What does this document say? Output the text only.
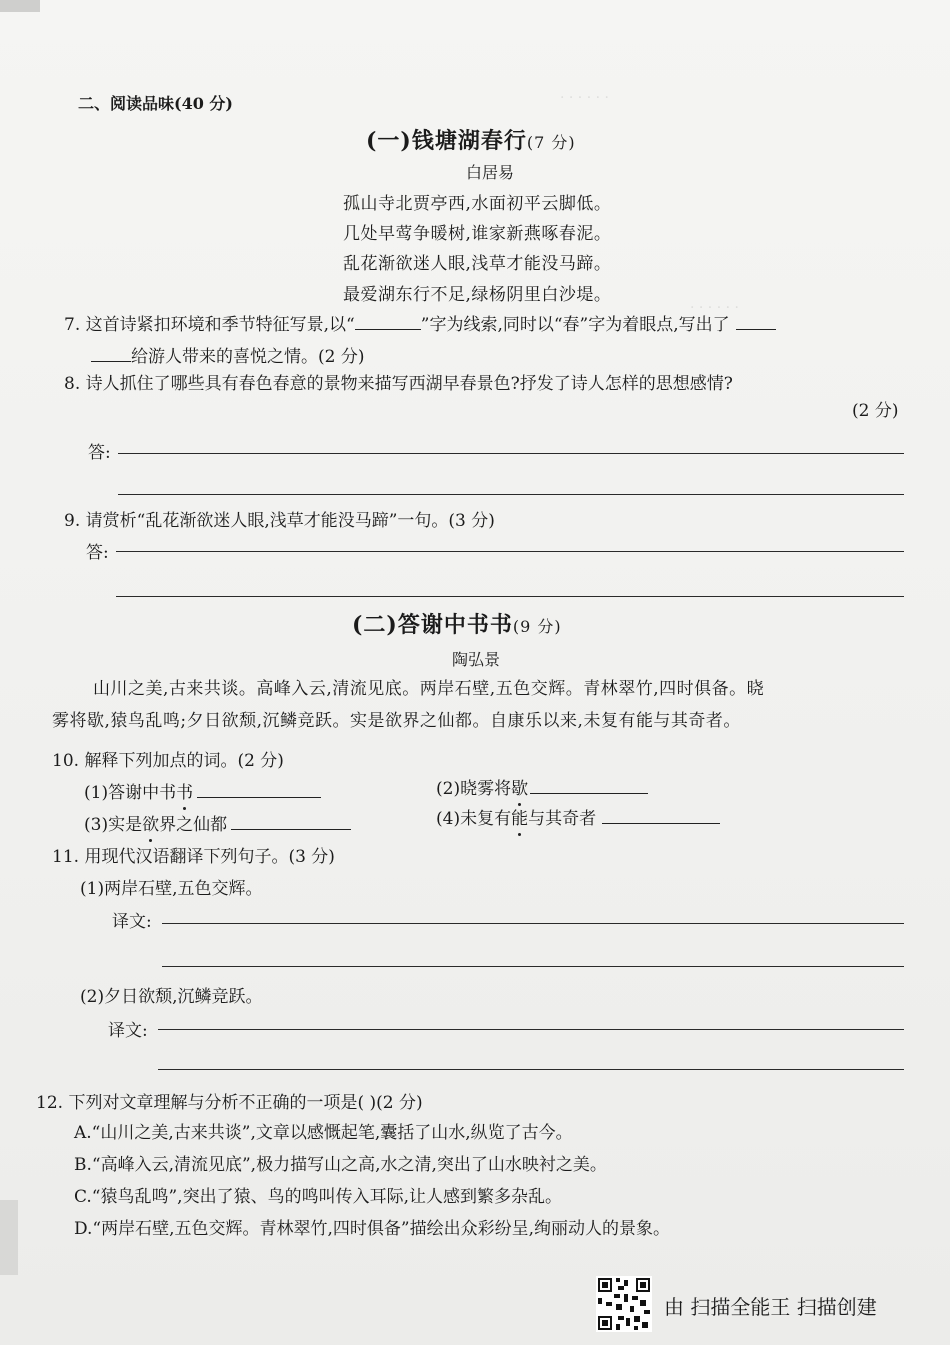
· · · · · ·
· · · · · ·
二、阅读品味(40 分)
(一)钱塘湖春行(7 分)
白居易
孤山寺北贾亭西,水面初平云脚低。
几处早莺争暖树,谁家新燕啄春泥。
乱花渐欲迷人眼,浅草才能没马蹄。
最爱湖东行不足,绿杨阴里白沙堤。
7. 这首诗紧扣环境和季节特征写景,以“	”字为线索,同时以“春”字为着眼点,写出了
给游人带来的喜悦之情。(2 分)
8. 诗人抓住了哪些具有春色春意的景物来描写西湖早春景色?抒发了诗人怎样的思想感情?
(2 分)
答:
9. 请赏析“乱花渐欲迷人眼,浅草才能没马蹄”一句。(3 分)
答:
(二)答谢中书书(9 分)
陶弘景
山川之美,古来共谈。高峰入云,清流见底。两岸石壁,五色交辉。青林翠竹,四时俱备。晓
雾将歇,猿鸟乱鸣;夕日欲颓,沉鳞竞跃。实是欲界之仙都。自康乐以来,未复有能与其奇者。
10. 解释下列加点的词。(2 分)
(1)答谢中书书	(2)晓雾将歇
(3)实是欲界之仙都	(4)未复有能与其奇者
11. 用现代汉语翻译下列句子。(3 分)
(1)两岸石壁,五色交辉。
译文:
(2)夕日欲颓,沉鳞竞跃。
译文:
12. 下列对文章理解与分析不正确的一项是( )(2 分)
A.“山川之美,古来共谈”,文章以感慨起笔,囊括了山水,纵览了古今。
B.“高峰入云,清流见底”,极力描写山之高,水之清,突出了山水映衬之美。
C.“猿鸟乱鸣”,突出了猿、鸟的鸣叫传入耳际,让人感到繁多杂乱。
D.“两岸石壁,五色交辉。青林翠竹,四时俱备”描绘出众彩纷呈,绚丽动人的景象。
由 扫描全能王 扫描创建
